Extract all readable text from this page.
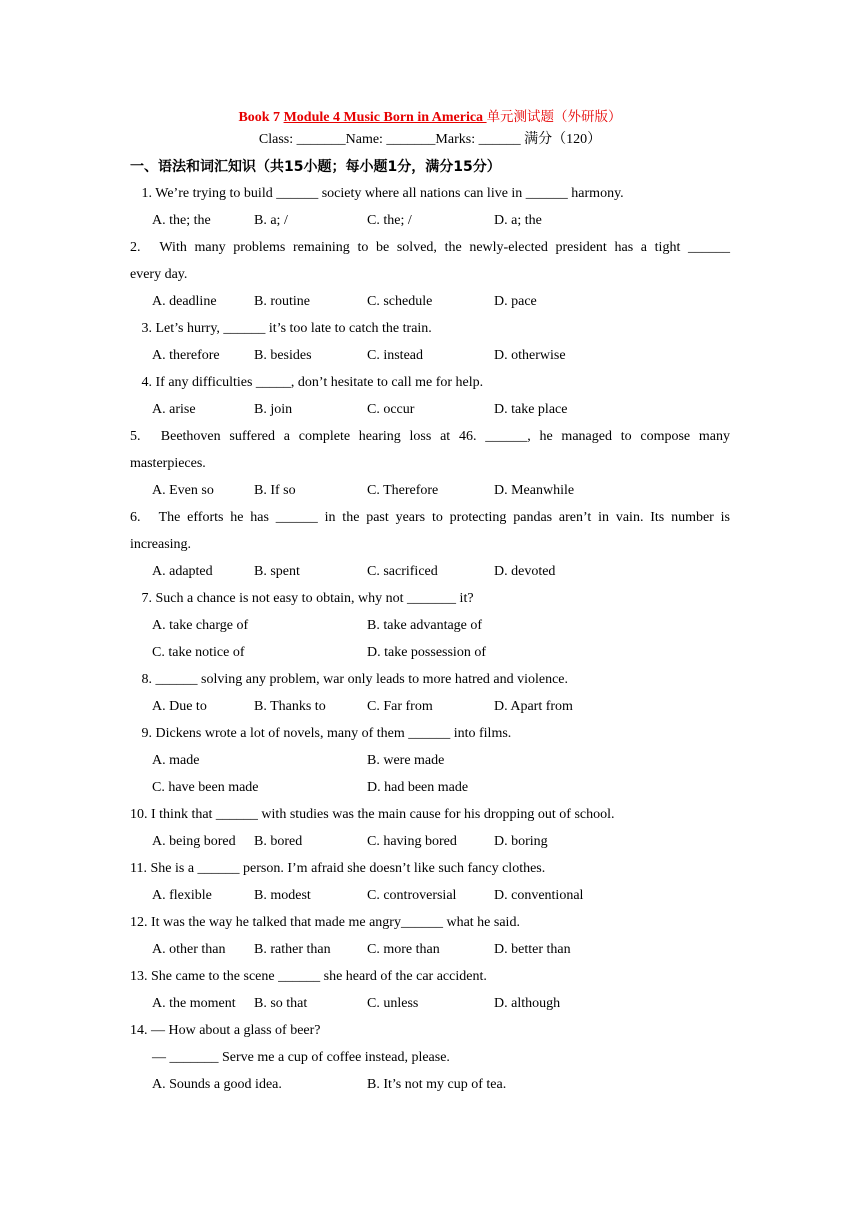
Book 7 Module 4 Music Born in America 单元测试题（外研版）
Class: _______Name: _______Marks: ______ 满分（120）
一、语法和词汇知识（共15小题；每小题1分，满分15分）
1. We’re trying to build ______ society where all nations can live in ______ harmony.
A. the; the	B. a; /	C. the; /	D. a; the
2. With many problems remaining to be solved, the newly-elected president has a tight ______
every day.
A. deadline	B. routine	C. schedule	D. pace
3. Let’s hurry, ______ it’s too late to catch the train.
A. therefore B. besides	C. instead	D. otherwise
4. If any difficulties _____, don’t hesitate to call me for help.
A. arise	B. join	C. occur	D. take place
5. Beethoven suffered a complete hearing loss at 46. ______, he managed to compose many
masterpieces.
A. Even so	B. If so	C. Therefore	D. Meanwhile
6. The efforts he has ______ in the past years to protecting pandas aren’t in vain. Its number is
increasing.
A. adapted	B. spent	C. sacrificed	D. devoted
7. Such a chance is not easy to obtain, why not _______ it?
A. take charge of	B. take advantage of
C. take notice of	D. take possession of
8. ______ solving any problem, war only leads to more hatred and violence.
A. Due to	B. Thanks to	C. Far from	D. Apart from
9. Dickens wrote a lot of novels, many of them ______ into films.
A. made	B. were made
C. have been made	D. had been made
10. I think that ______ with studies was the main cause for his dropping out of school.
A. being bored B. bored	C. having bored	D. boring
11. She is a ______ person. I’m afraid she doesn’t like such fancy clothes.
A. flexible	B. modest	C. controversial	D. conventional
12. It was the way he talked that made me angry______ what he said.
A. other than B. rather than	C. more than	D. better than
13. She came to the scene ______ she heard of the car accident.
A. the moment B. so that	C. unless	D. although
14. — How about a glass of beer?
— _______ Serve me a cup of coffee instead, please.
A. Sounds a good idea.	B. It’s not my cup of tea.
